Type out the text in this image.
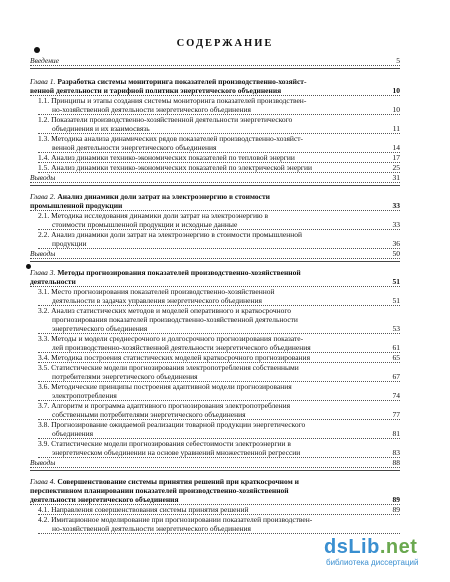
СОДЕРЖАНИЕ
Введение	5
Глава 1. Разработка системы мониторинга показателей производственно-хозяйст-
венной деятельности и тарифной политики энергетического объединения	10
1.1. Принципы и этапы создания системы мониторинга показателей производствен-
но-хозяйственной деятельности энергетического объединения	10
1.2. Показатели производственно-хозяйственной деятельности энергетического
объединения и их взаимосвязь	11
1.3. Методика анализа динамических рядов показателей производственно-хозяйст-
венной деятельности энергетического объединения	14
1.4. Анализ динамики технико-экономических показателей по тепловой энергии	17
1.5. Анализ динамики технико-экономических показателей по электрической энергии	25
Выводы	31
Глава 2. Анализ динамики доли затрат на электроэнергию в стоимости
промышленной продукции	33
2.1. Методика исследования динамики доли затрат на электроэнергию в
стоимости промышленной продукции и исходные данные	33
2.2. Анализ динамики доли затрат на электроэнергию в стоимости промышленной
продукции	36
Выводы	50
Глава 3. Методы прогнозирования показателей производственно-хозяйственной
деятельности	51
3.1. Место прогнозирования показателей производственно-хозяйственной
деятельности в задачах управления энергетического объединения	51
3.2. Анализ статистических методов и моделей оперативного и краткосрочного
прогнозирования показателей производственно-хозяйственной деятельности
энергетического объединения	53
3.3. Методы и модели среднесрочного и долгосрочного прогнозирования показате-
лей производственно-хозяйственной деятельности энергетического объединения	61
3.4. Методика построения статистических моделей краткосрочного прогнозирования	65
3.5. Статистические модели прогнозирования электропотребления собственными
потребителями энергетического объединения	67
3.6. Методические принципы построения адаптивной модели прогнозирования
электропотребления	74
3.7. Алгоритм и программа адаптивного прогнозирования электропотребления
собственными потребителями энергетического объединения	77
3.8. Прогнозирование ожидаемой реализации товарной продукции энергетического
объединения	81
3.9. Статистические модели прогнозирования себестоимости электроэнергии в
энергетическом объединении на основе уравнений множественной регрессии	83
Выводы	88
Глава 4. Совершенствование системы принятия решений при краткосрочном и
перспективном планировании показателей производственно-хозяйственной
деятельности энергетического объединения	89
4.1. Направления совершенствования системы принятия решений	89
4.2. Имитационное моделирование при прогнозировании показателей производствен-
но-хозяйственной деятельности энергетического объединения
dsLib.net
библиотека диссертаций
